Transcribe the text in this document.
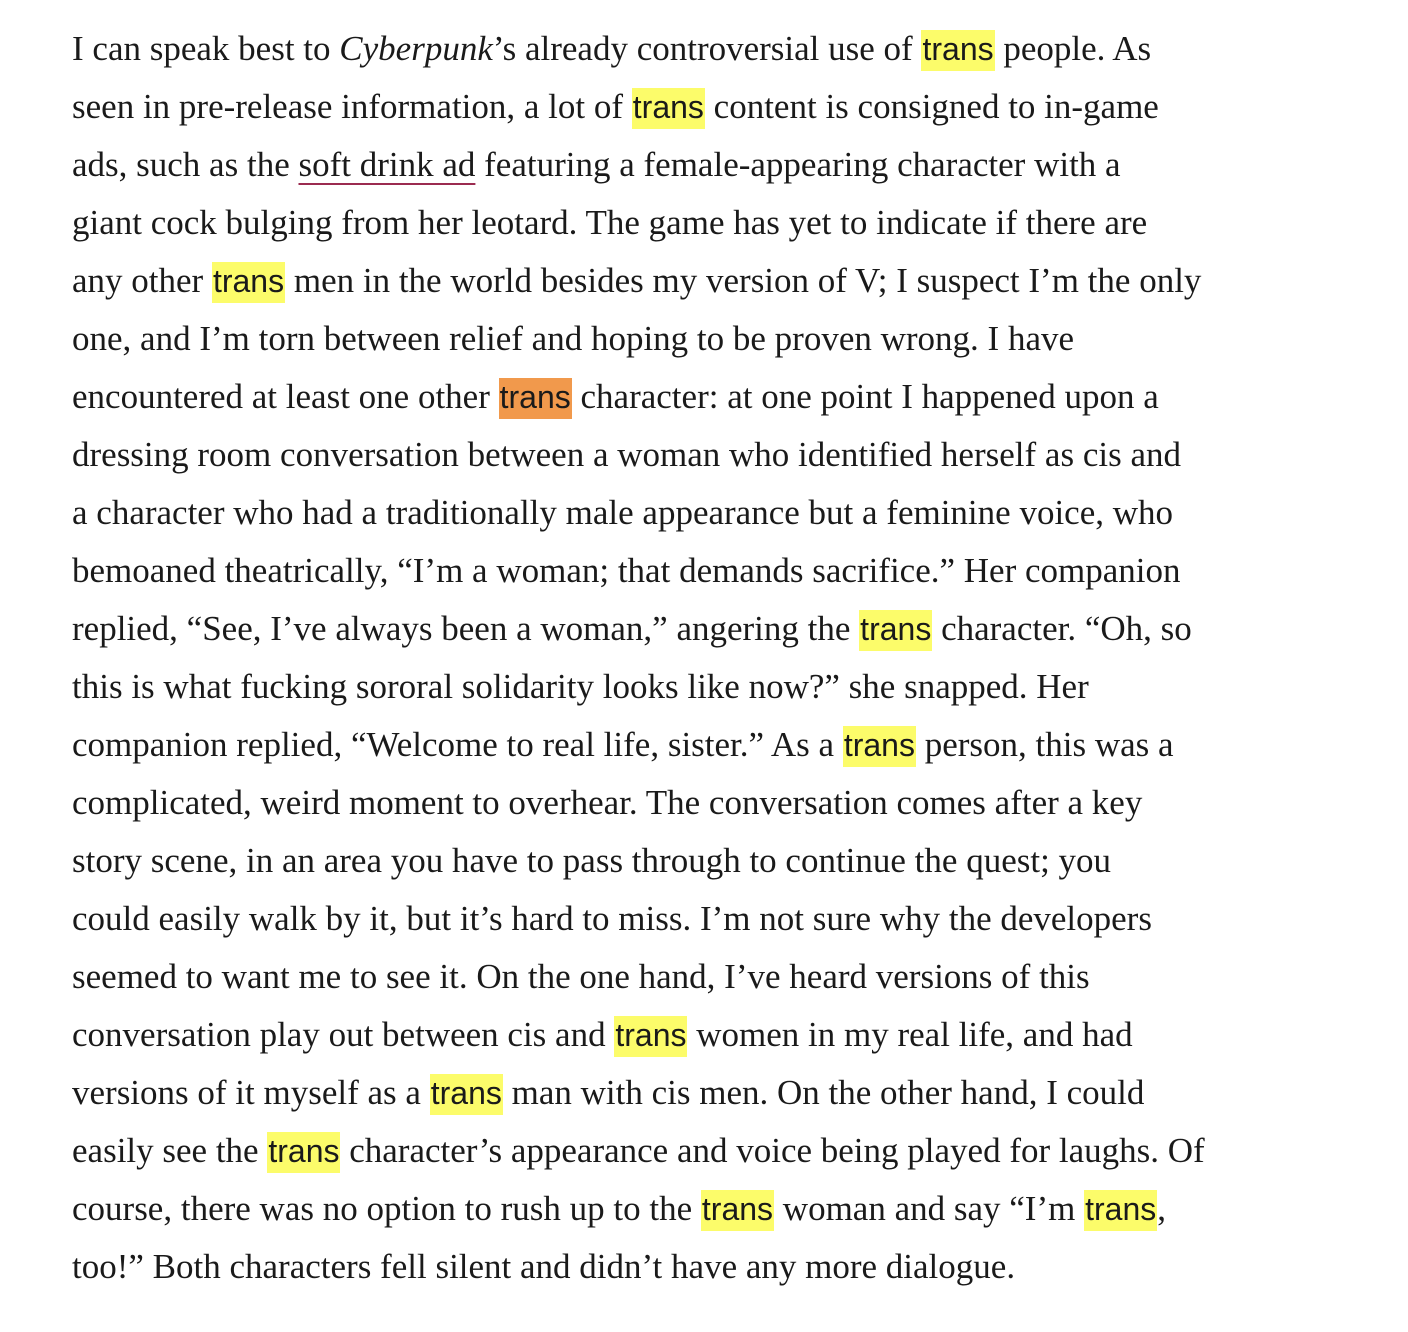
I can speak best to Cyberpunk’s already controversial use of trans people. As
seen in pre-release information, a lot of trans content is consigned to in-game
ads, such as the soft drink ad featuring a female-appearing character with a
giant cock bulging from her leotard. The game has yet to indicate if there are
any other trans men in the world besides my version of V; I suspect I’m the only
one, and I’m torn between relief and hoping to be proven wrong. I have
encountered at least one other trans character: at one point I happened upon a
dressing room conversation between a woman who identified herself as cis and
a character who had a traditionally male appearance but a feminine voice, who
bemoaned theatrically, “I’m a woman; that demands sacrifice.” Her companion
replied, “See, I’ve always been a woman,” angering the trans character. “Oh, so
this is what fucking sororal solidarity looks like now?” she snapped. Her
companion replied, “Welcome to real life, sister.” As a trans person, this was a
complicated, weird moment to overhear. The conversation comes after a key
story scene, in an area you have to pass through to continue the quest; you
could easily walk by it, but it’s hard to miss. I’m not sure why the developers
seemed to want me to see it. On the one hand, I’ve heard versions of this
conversation play out between cis and trans women in my real life, and had
versions of it myself as a trans man with cis men. On the other hand, I could
easily see the trans character’s appearance and voice being played for laughs. Of
course, there was no option to rush up to the trans woman and say “I’m trans,
too!” Both characters fell silent and didn’t have any more dialogue.
